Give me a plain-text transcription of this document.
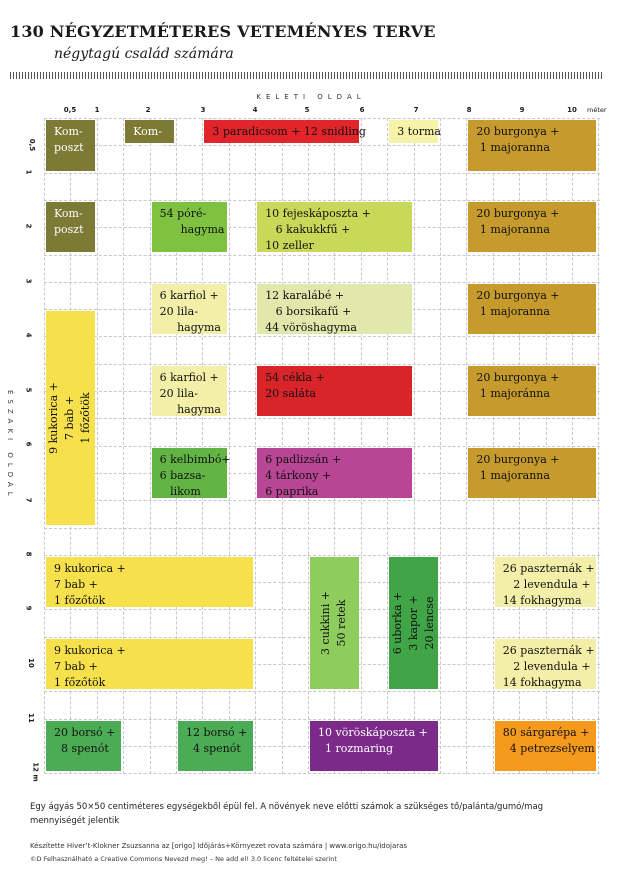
130 NÉGYZETMÉTERES VETEMÉNYES TERVE
négytagú család számára
KELETI OLDAL
ÉSZAKI OLDAL
0,5	1	2	3	4	5	6	7	8	9	10
0,5
1
2
3
4
5
6
7
8
9
10
11
12 m
méter
Kom-
poszt
Kom-
poszt
3 paradicsom + 12 snidling	3 torma	20 burgonya +
1 majoranna
Kom-
poszt
54 póré-
hagyma
10 fejeskáposzta +
6 kakukkfű +
10 zeller
20 burgonya +
1 majoranna
6 karfiol +
20 lila-
hagyma
12 karalábé +
6 borsikafű +
44 vöröshagyma
20 burgonya +
1 majoranna
9 kukorica +
7 bab +
1 főzőtök
6 karfiol +
20 lila-
hagyma
54 cékla +
20 saláta
20 burgonya +
1 majoránna
6 kelbimbó+
6 bazsa-
likom
6 padlizsán +
4 tárkony +
6 paprika
20 burgonya +
1 majoranna
9 kukorica +
7 bab +
1 főzőtök
3 cukkini +
50 retek
6 uborka +
3 kapor +
20 lencse
26 paszternák +
2 levendula +
14 fokhagyma
9 kukorica +
7 bab +
1 főzőtök
26 paszternák +
2 levendula +
14 fokhagyma
20 borsó +
8 spenót
12 borsó +
4 spenót
10 vöröskáposzta +
1 rozmaring
80 sárgarépa +
4 petrezselyem
Egy ágyás 50×50 centiméteres egységekből épül fel. A növények neve előtti számok a szükséges tő/palánta/gumó/mag mennyiségét jelentik
Készítette Hiver’t-Klokner Zsuzsanna az [origo] Időjárás+Környezet rovata számára | www.origo.hu/idojaras
©D Felhasználható a Creative Commons Nevezd meg! – Ne add el! 3.0 licenc feltételei szerint
